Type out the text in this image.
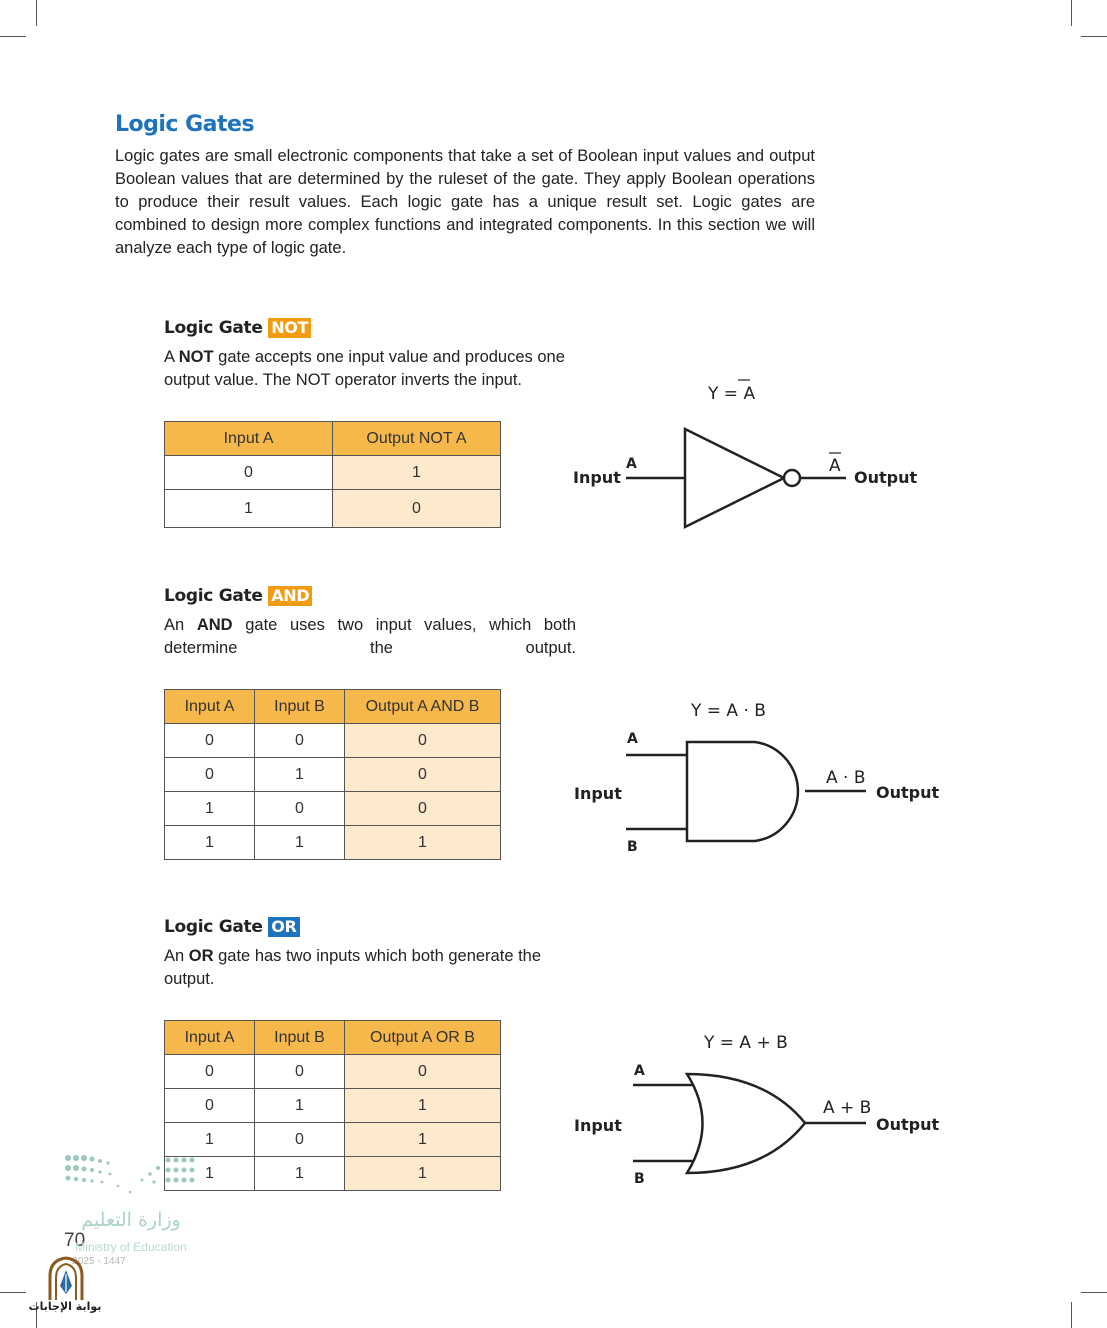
Logic Gates

Logic gates are small electronic components that take a set of Boolean input values and output Boolean values that are determined by the ruleset of the gate. They apply Boolean operations to produce their result values. Each logic gate has a unique result set. Logic gates are combined to design more complex functions and integrated components. In this section we will analyze each type of logic gate.

Logic Gate NOT

A NOT gate accepts one input value and produces one output value. The NOT operator inverts the input.

Input A	Output NOT A
0	1
1	0
Y = A
Input
A	A
Output
Logic Gate AND

An AND gate uses two input values, which both determine the output.

Input A	Input B	Output A AND B
0	0	0
0	1	0
1	0	0
1	1	1
Y = A · B
Input
A
B
A · B
Output
Logic Gate OR

An OR gate has two inputs which both generate the output.

Input A	Input B	Output A OR B
0	0	0
0	1	1
1	0	1
1	1	1
Y = A + B
Input
A
B
A + B
Output
وزارة التعليم
70
Ministry of Education
2025 - 1447
بوابة الإجابات
